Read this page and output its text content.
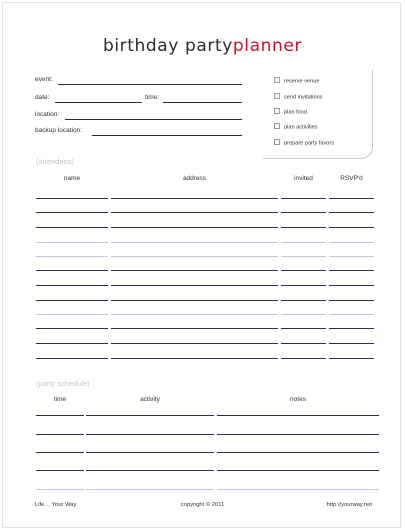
birthday partyplanner
event:
date:	time:
location:
backup location:
reserve venue
send invitations
plan food
plan activities
prepare party favors
(attendees)
name	address	invited	RSVP'd
(party schedule)
time	activity	notes
Life… Your Way	copyright © 2011	http://yourway.net
